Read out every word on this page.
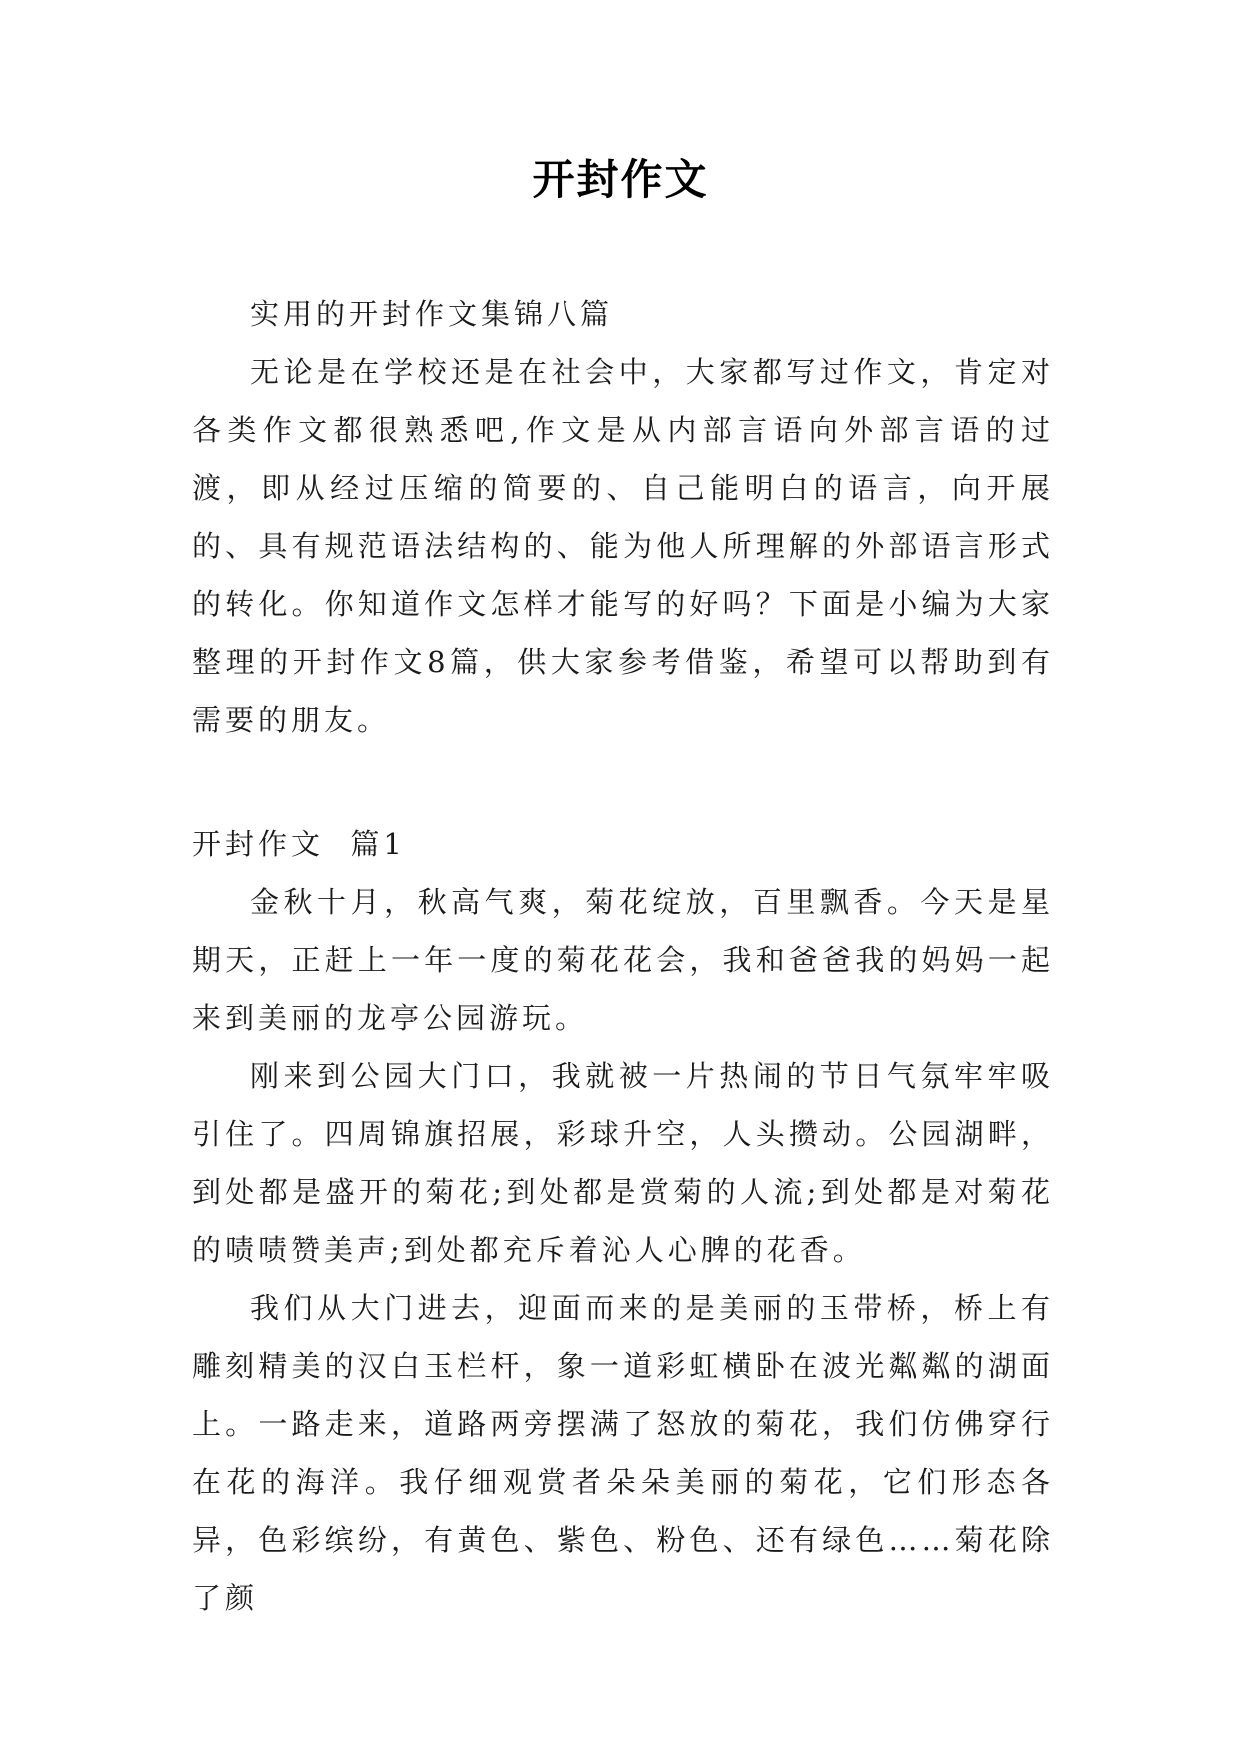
开封作文

实用的开封作文集锦八篇

无论是在学校还是在社会中，大家都写过作文，肯定对各类作文都很熟悉吧,作文是从内部言语向外部言语的过渡，即从经过压缩的简要的、自己能明白的语言，向开展的、具有规范语法结构的、能为他人所理解的外部语言形式的转化。你知道作文怎样才能写的好吗？下面是小编为大家整理的开封作文8篇，供大家参考借鉴，希望可以帮助到有需要的朋友。

开封作文  篇1

金秋十月，秋高气爽，菊花绽放，百里飘香。今天是星期天，正赶上一年一度的菊花花会，我和爸爸我的妈妈一起来到美丽的龙亭公园游玩。

刚来到公园大门口，我就被一片热闹的节日气氛牢牢吸引住了。四周锦旗招展，彩球升空，人头攒动。公园湖畔，到处都是盛开的菊花;到处都是赏菊的人流;到处都是对菊花的啧啧赞美声;到处都充斥着沁人心脾的花香。

我们从大门进去，迎面而来的是美丽的玉带桥，桥上有雕刻精美的汉白玉栏杆，象一道彩虹横卧在波光粼粼的湖面上。一路走来，道路两旁摆满了怒放的菊花，我们仿佛穿行在花的海洋。我仔细观赏者朵朵美丽的菊花，它们形态各异，色彩缤纷，有黄色、紫色、粉色、还有绿色……菊花除了颜
